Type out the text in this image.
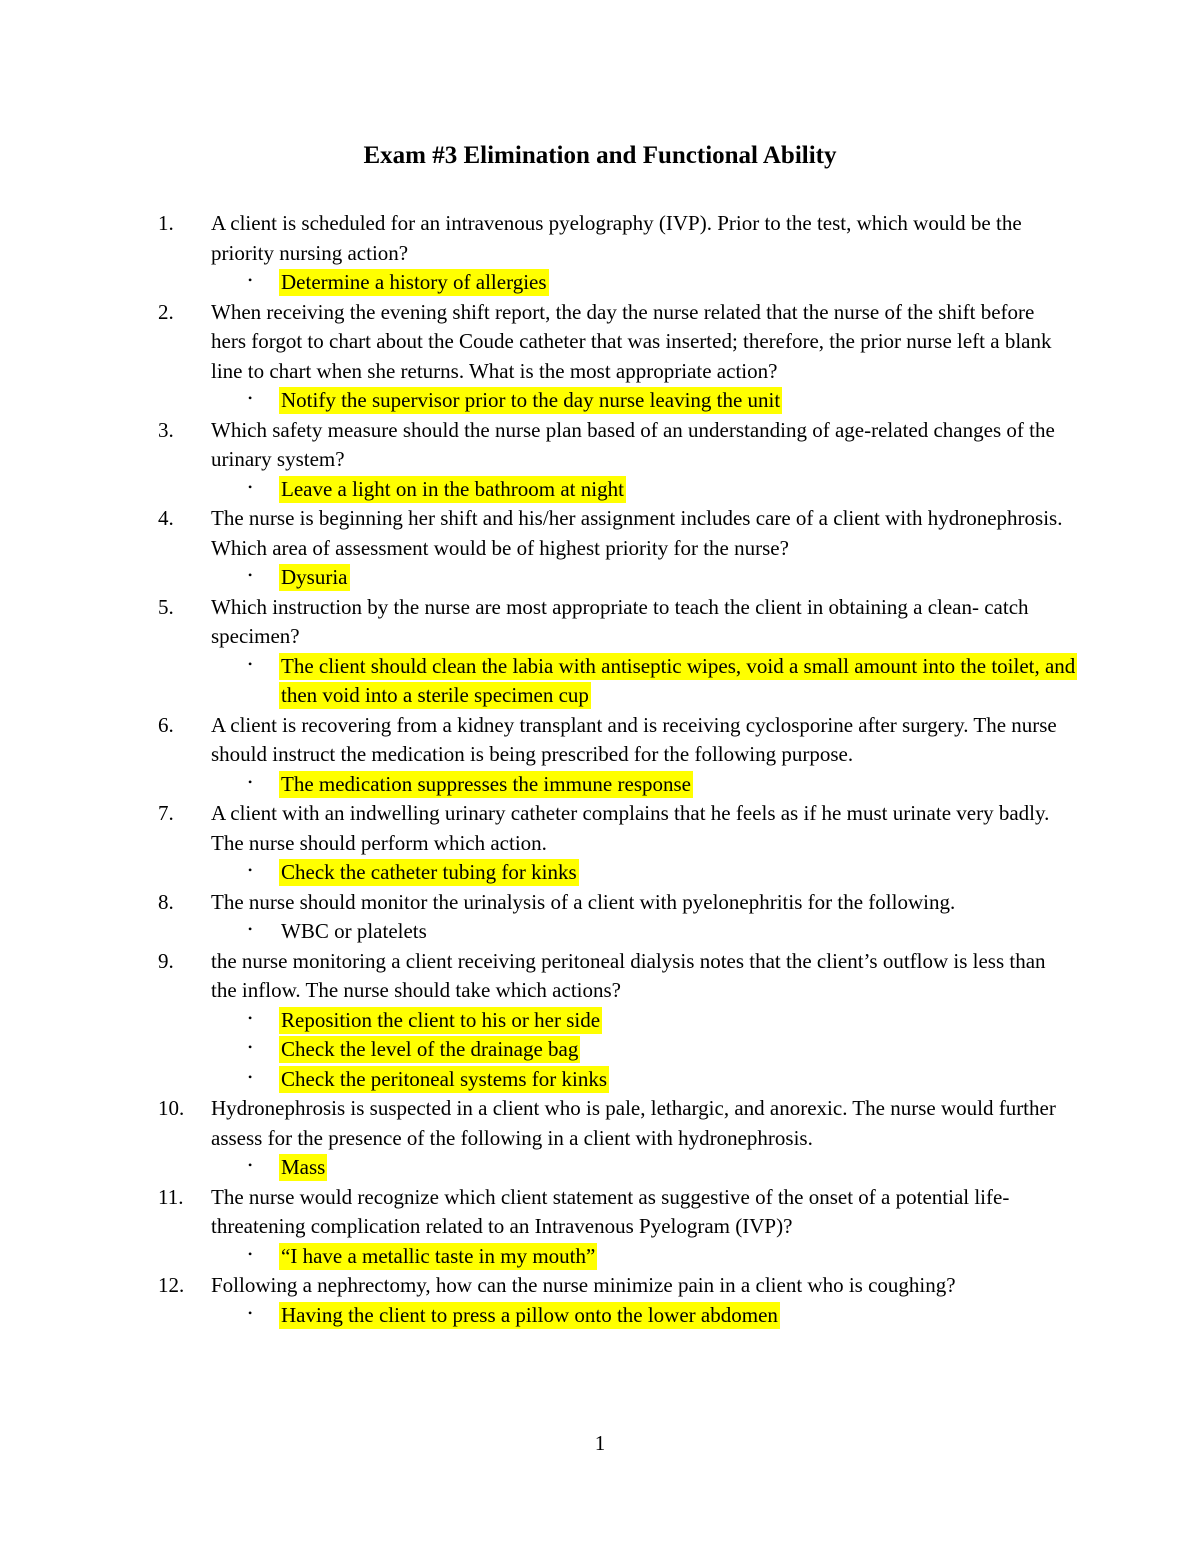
Exam #3 Elimination and Functional Ability
1.	A client is scheduled for an intravenous pyelography (IVP). Prior to the test, which would be the priority nursing action?
• Determine a history of allergies
2.	When receiving the evening shift report, the day the nurse related that the nurse of the shift before hers forgot to chart about the Coude catheter that was inserted; therefore, the prior nurse left a blank line to chart when she returns. What is the most appropriate action?
• Notify the supervisor prior to the day nurse leaving the unit
3.	Which safety measure should the nurse plan based of an understanding of age-related changes of the urinary system?
• Leave a light on in the bathroom at night
4.	The nurse is beginning her shift and his/her assignment includes care of a client with hydronephrosis. Which area of assessment would be of highest priority for the nurse?
• Dysuria
5.	Which instruction by the nurse are most appropriate to teach the client in obtaining a clean- catch specimen?
• The client should clean the labia with antiseptic wipes, void a small amount into the toilet, and then void into a sterile specimen cup
6.	A client is recovering from a kidney transplant and is receiving cyclosporine after surgery. The nurse should instruct the medication is being prescribed for the following purpose.
• The medication suppresses the immune response
7.	A client with an indwelling urinary catheter complains that he feels as if he must urinate very badly. The nurse should perform which action.
• Check the catheter tubing for kinks
8.	The nurse should monitor the urinalysis of a client with pyelonephritis for the following.
• WBC or platelets
9.	the nurse monitoring a client receiving peritoneal dialysis notes that the client’s outflow is less than the inflow. The nurse should take which actions?
• Reposition the client to his or her side
• Check the level of the drainage bag
• Check the peritoneal systems for kinks
10.	Hydronephrosis is suspected in a client who is pale, lethargic, and anorexic. The nurse would further assess for the presence of the following in a client with hydronephrosis.
• Mass
11.	The nurse would recognize which client statement as suggestive of the onset of a potential life-threatening complication related to an Intravenous Pyelogram (IVP)?
• “I have a metallic taste in my mouth”
12.	Following a nephrectomy, how can the nurse minimize pain in a client who is coughing?
• Having the client to press a pillow onto the lower abdomen
1
